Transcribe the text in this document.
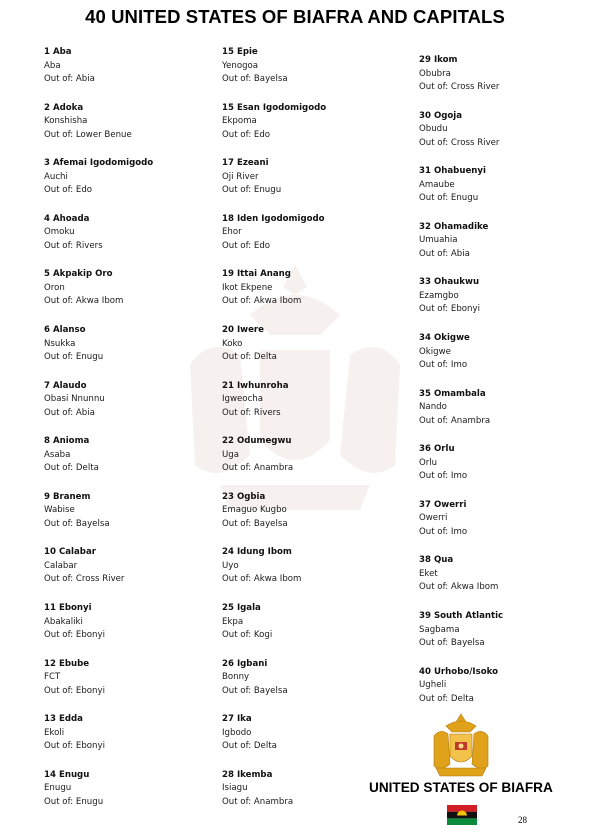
40 UNITED STATES OF BIAFRA AND CAPITALS
1 Aba
Aba
Out of: Abia
2 Adoka
Konshisha
Out of: Lower Benue
3 Afemai Igodomigodo
Auchi
Out of: Edo
4 Ahoada
Omoku
Out of: Rivers
5 Akpakip Oro
Oron
Out of: Akwa Ibom
6 Alanso
Nsukka
Out of: Enugu
7 Alaudo
Obasi Nnunnu
Out of: Abia
8 Anioma
Asaba
Out of: Delta
9 Branem
Wabise
Out of: Bayelsa
10 Calabar
Calabar
Out of: Cross River
11 Ebonyi
Abakaliki
Out of: Ebonyi
12 Ebube
FCT
Out of: Ebonyi
13 Edda
Ekoli
Out of: Ebonyi
14 Enugu
Enugu
Out of: Enugu
15 Epie
Yenogoa
Out of: Bayelsa
15 Esan Igodomigodo
Ekpoma
Out of: Edo
17 Ezeani
Oji River
Out of: Enugu
18 Iden Igodomigodo
Ehor
Out of: Edo
19 Ittai Anang
Ikot Ekpene
Out of: Akwa Ibom
20 Iwere
Koko
Out of: Delta
21 Iwhunroha
Igweocha
Out of: Rivers
22 Odumegwu
Uga
Out of: Anambra
23 Ogbia
Emaguo Kugbo
Out of: Bayelsa
24 Idung Ibom
Uyo
Out of: Akwa Ibom
25 Igala
Ekpa
Out of: Kogi
26 Igbani
Bonny
Out of: Bayelsa
27 Ika
Igbodo
Out of: Delta
28 Ikemba
Isiagu
Out of: Anambra
29 Ikom
Obubra
Out of: Cross River
30 Ogoja
Obudu
Out of: Cross River
31 Ohabuenyi
Amaube
Out of: Enugu
32 Ohamadike
Umuahia
Out of: Abia
33 Ohaukwu
Ezamgbo
Out of: Ebonyi
34 Okigwe
Okigwe
Out of: Imo
35 Omambala
Nando
Out of: Anambra
36 Orlu
Orlu
Out of: Imo
37 Owerri
Owerri
Out of: Imo
38 Qua
Eket
Out of: Akwa Ibom
39 South Atlantic
Sagbama
Out of: Bayelsa
40 Urhobo/Isoko
Ugheli
Out of: Delta
UNITED STATES OF BIAFRA
28
